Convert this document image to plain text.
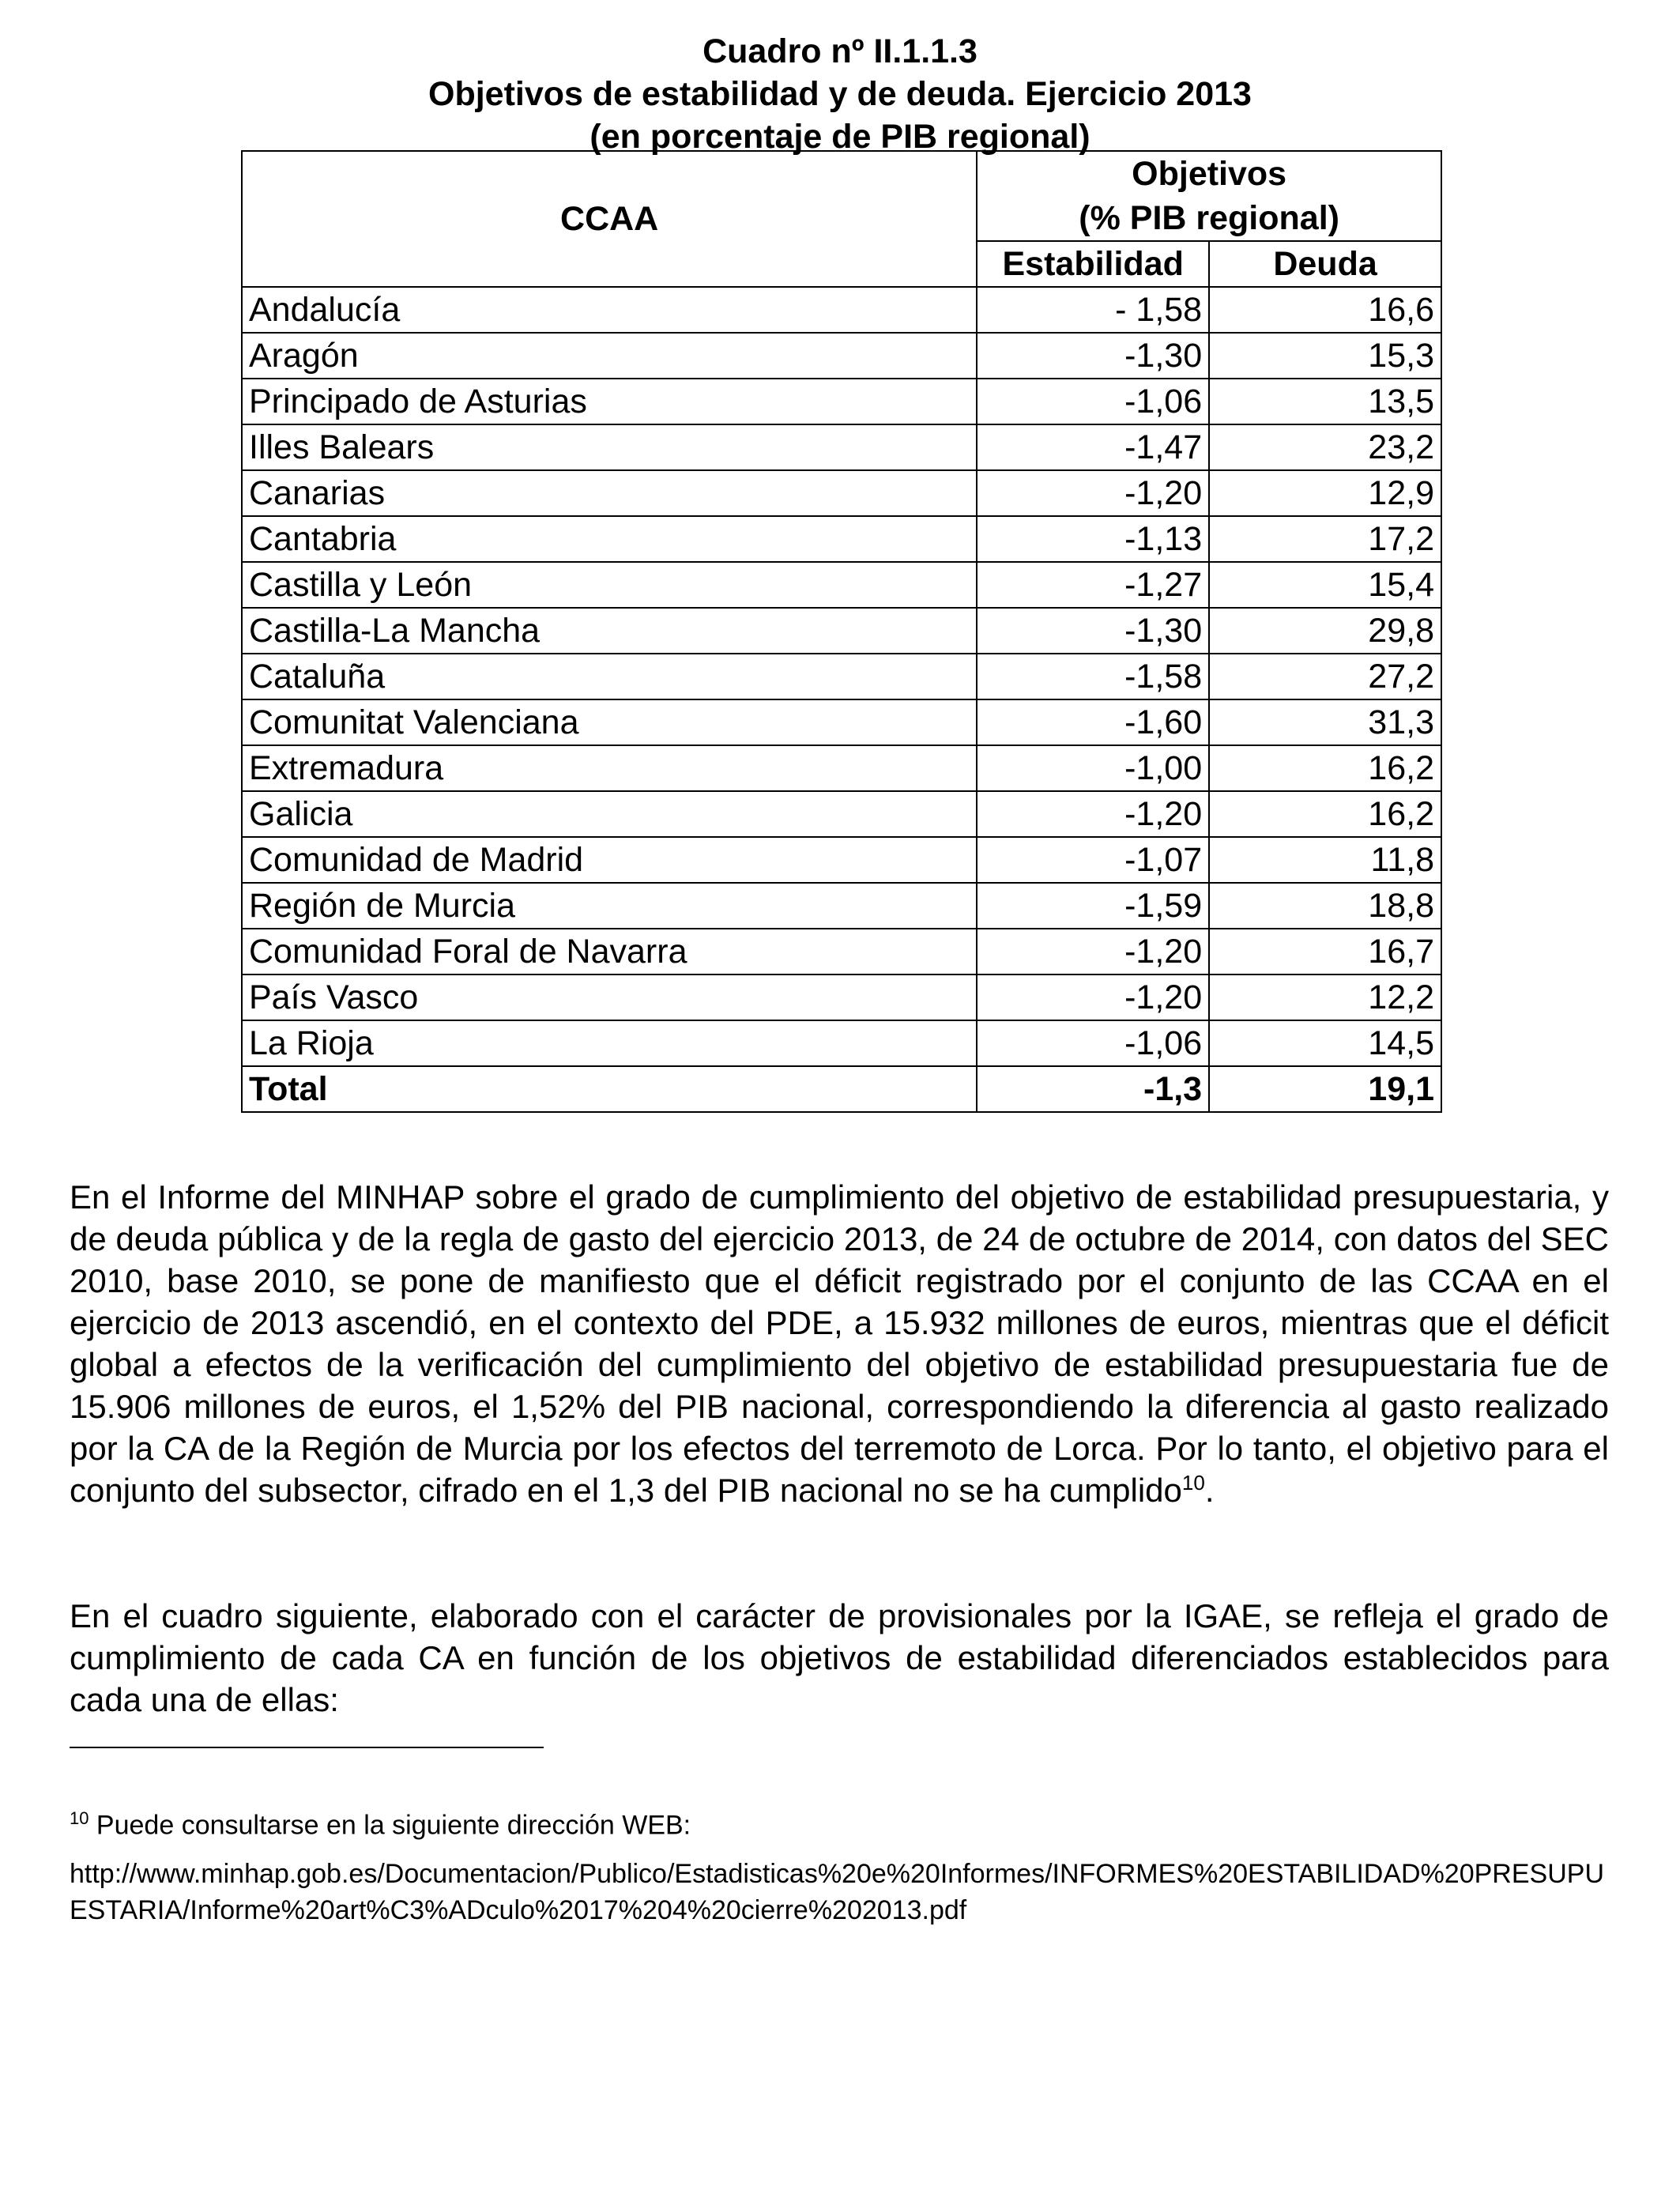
Cuadro nº II.1.1.3
Objetivos de estabilidad y de deuda. Ejercicio 2013
(en porcentaje de PIB regional)
CCAA	Objetivos
(% PIB regional)	

	Estabilidad	Deuda
Andalucía	- 1,58	16,6
Aragón	-1,30	15,3
Principado de Asturias	-1,06	13,5
Illes Balears	-1,47	23,2
Canarias	-1,20	12,9
Cantabria	-1,13	17,2
Castilla y León	-1,27	15,4
Castilla-La Mancha	-1,30	29,8
Cataluña	-1,58	27,2
Comunitat Valenciana	-1,60	31,3
Extremadura	-1,00	16,2
Galicia	-1,20	16,2
Comunidad de Madrid	-1,07	11,8
Región de Murcia	-1,59	18,8
Comunidad Foral de Navarra	-1,20	16,7
País Vasco	-1,20	12,2
La Rioja	-1,06	14,5
Total	-1,3	19,1
En el Informe del MINHAP sobre el grado de cumplimiento del objetivo de estabilidad presupuestaria, y de deuda pública y de la regla de gasto del ejercicio 2013, de 24 de octubre de 2014, con datos del SEC 2010, base 2010, se pone de manifiesto que el déficit registrado por el conjunto de las CCAA en el ejercicio de 2013 ascendió, en el contexto del PDE, a 15.932 millones de euros, mientras que el déficit global a efectos de la verificación del cumplimiento del objetivo de estabilidad presupuestaria fue de 15.906 millones de euros, el 1,52% del PIB nacional, correspondiendo la diferencia al gasto realizado por la CA de la Región de Murcia por los efectos del terremoto de Lorca. Por lo tanto, el objetivo para el conjunto del subsector, cifrado en el 1,3 del PIB nacional no se ha cumplido$^{10}$.
En el cuadro siguiente, elaborado con el carácter de provisionales por la IGAE, se refleja el grado de cumplimiento de cada CA en función de los objetivos de estabilidad diferenciados establecidos para cada una de ellas:
$^{10}$ Puede consultarse en la siguiente dirección WEB:
http://www.minhap.gob.es/Documentacion/Publico/Estadisticas%20e%20Informes/INFORMES%20ESTABILIDAD%20PRESUPUESTARIA/Informe%20art%C3%ADculo%2017%204%20cierre%202013.pdf
